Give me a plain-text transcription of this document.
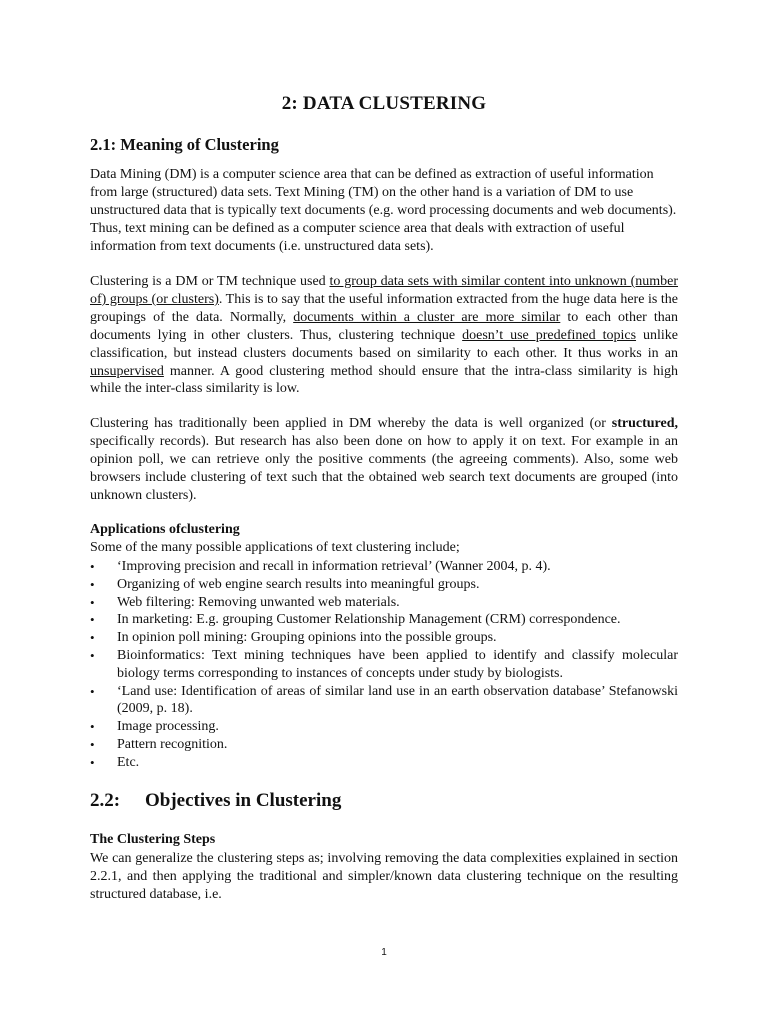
2: DATA CLUSTERING
2.1: Meaning of Clustering

Data Mining (DM) is a computer science area that can be defined as extraction of useful information from large (structured) data sets. Text Mining (TM) on the other hand is a variation of DM to use unstructured data that is typically text documents (e.g. word processing documents and web documents). Thus, text mining can be defined as a computer science area that deals with extraction of useful information from text documents (i.e. unstructured data sets).

Clustering is a DM or TM technique used to group data sets with similar content into unknown (number of) groups (or clusters). This is to say that the useful information extracted from the huge data here is the groupings of the data. Normally, documents within a cluster are more similar to each other than documents lying in other clusters. Thus, clustering technique doesn’t use predefined topics unlike classification, but instead clusters documents based on similarity to each other. It thus works in an unsupervised manner. A good clustering method should ensure that the intra-class similarity is high while the inter-class similarity is low.

Clustering has traditionally been applied in DM whereby the data is well organized (or structured, specifically records). But research has also been done on how to apply it on text. For example in an opinion poll, we can retrieve only the positive comments (the agreeing comments). Also, some web browsers include clustering of text such that the obtained web search text documents are grouped (into unknown clusters).

Applications ofclustering
Some of the many possible applications of text clustering include;
•	‘Improving precision and recall in information retrieval’ (Wanner 2004, p. 4).
•	Organizing of web engine search results into meaningful groups.
•	Web filtering: Removing unwanted web materials.
•	In marketing: E.g. grouping Customer Relationship Management (CRM) correspondence.
•	In opinion poll mining: Grouping opinions into the possible groups.
•	Bioinformatics: Text mining techniques have been applied to identify and classify molecular biology terms corresponding to instances of concepts under study by biologists.
•	‘Land use: Identification of areas of similar land use in an earth observation database’ Stefanowski (2009, p. 18).
•	Image processing.
•	Pattern recognition.
•	Etc.
2.2: Objectives in Clustering
The Clustering Steps

We can generalize the clustering steps as; involving removing the data complexities explained in section 2.2.1, and then applying the traditional and simpler/known data clustering technique on the resulting structured database, i.e.

1
